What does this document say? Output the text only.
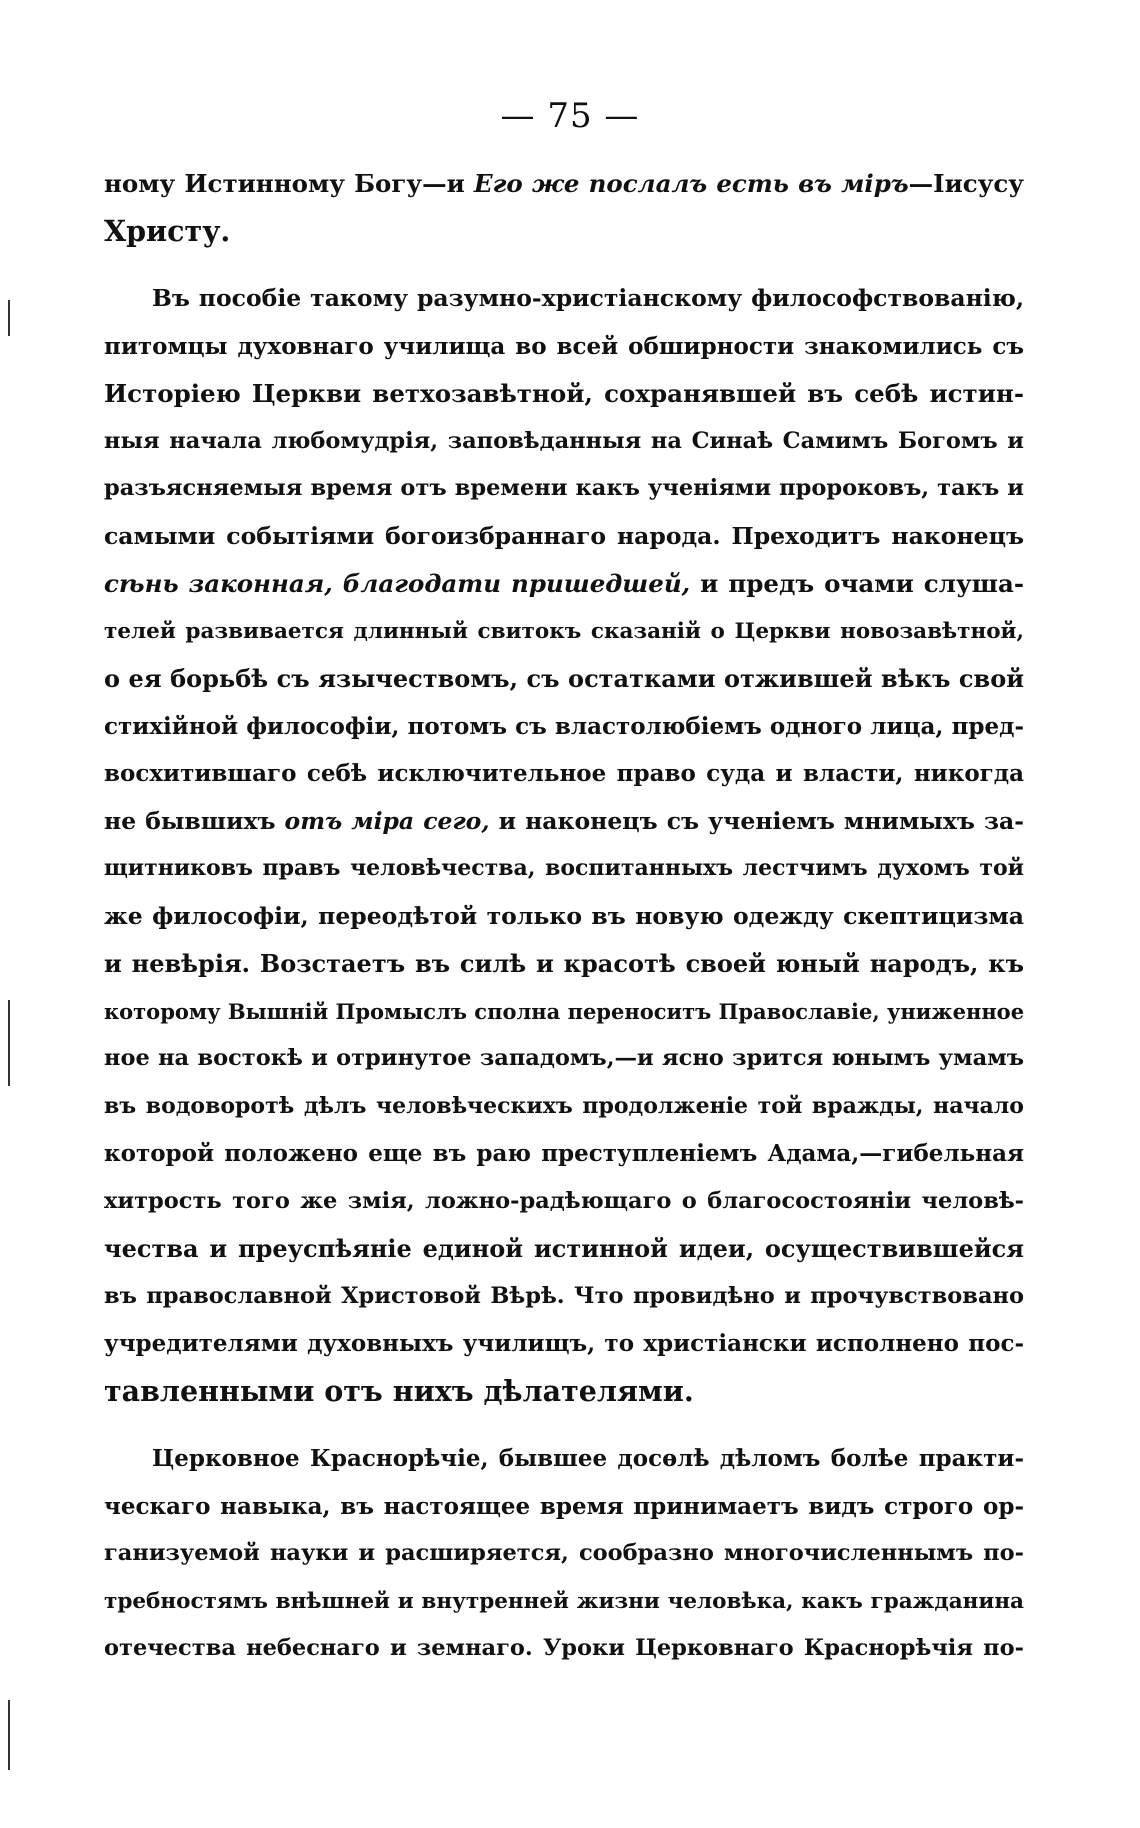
— 75 —
ному Истинному Богу—и Его же послалъ есть въ міръ—Іисусу
Христу.
Въ пособіе такому разумно-христіанскому философствованію,
питомцы духовнаго училища во всей обширности знакомились съ
Исторіею Церкви ветхозавѣтной, сохранявшей въ себѣ истин-
ныя начала любомудрія, заповѣданныя на Синаѣ Самимъ Богомъ и
разъясняемыя время отъ времени какъ ученіями пророковъ, такъ и
самыми событіями богоизбраннаго народа. Преходитъ наконецъ
сѣнь законная, благодати пришедшей, и предъ очами слуша-
телей развивается длинный свитокъ сказаній о Церкви новозавѣтной,
о ея борьбѣ съ язычествомъ, съ остатками отжившей вѣкъ свой
стихійной философіи, потомъ съ властолюбіемъ одного лица, пред-
восхитившаго себѣ исключительное право суда и власти, никогда
не бывшихъ отъ міра сего, и наконецъ съ ученіемъ мнимыхъ за-
щитниковъ правъ человѣчества, воспитанныхъ лестчимъ духомъ той
же философіи, переодѣтой только въ новую одежду скептицизма
и невѣрія. Возстаетъ въ силѣ и красотѣ своей юный народъ, къ
которому Вышній Промыслъ сполна переноситъ Православіе, униженное
ное на востокѣ и отринутое западомъ,—и ясно зрится юнымъ умамъ
въ водоворотѣ дѣлъ человѣческихъ продолженіе той вражды, начало
которой положено еще въ раю преступленіемъ Адама,—гибельная
хитрость того же змія, ложно-радѣющаго о благосостояніи человѣ-
чества и преуспѣяніе единой истинной идеи, осуществившейся
въ православной Христовой Вѣрѣ. Что провидѣно и прочувствовано
учредителями духовныхъ училищъ, то христіански исполнено пос-
тавленными отъ нихъ дѣлателями.
Церковное Краснорѣчіе, бывшее досѳлѣ дѣломъ болѣе практи-
ческаго навыка, въ настоящее время принимаетъ видъ строго ор-
ганизуемой науки и расширяется, сообразно многочисленнымъ по-
требностямъ внѣшней и внутренней жизни человѣка, какъ гражданина
отечества небеснаго и земнаго. Уроки Церковнаго Краснорѣчія по-
